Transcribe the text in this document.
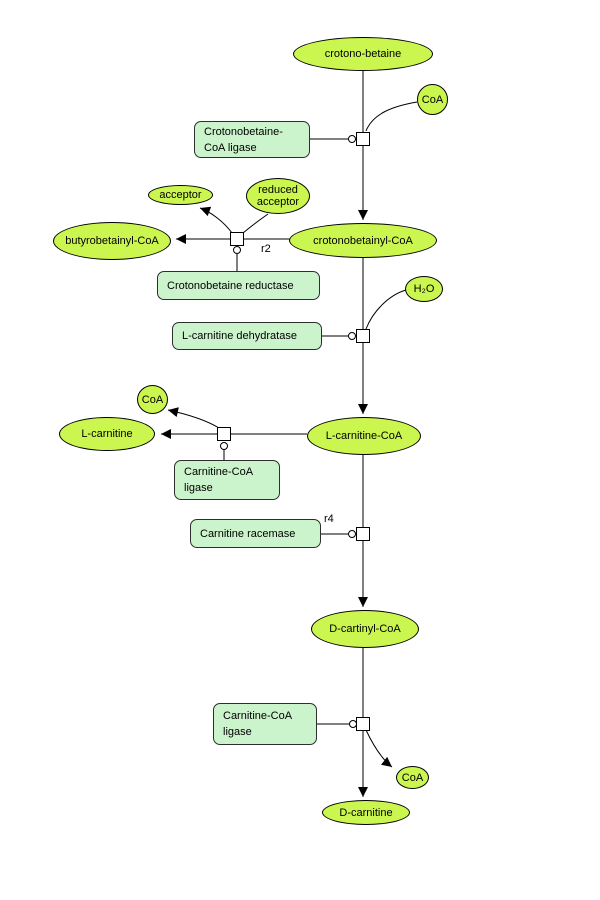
crotono-betaine
CoA
crotonobetainyl-CoA
acceptor	reduced
acceptor
butyrobetainyl-CoA
H₂O
L-carnitine-CoA
CoA
L-carnitine
D-cartinyl-CoA
CoA
D-carnitine
Crotonobetaine-
CoA ligase
Crotonobetaine reductase
L-carnitine dehydratase
Carnitine-CoA
ligase
Carnitine racemase
Carnitine-CoA
ligase
r2
r4
